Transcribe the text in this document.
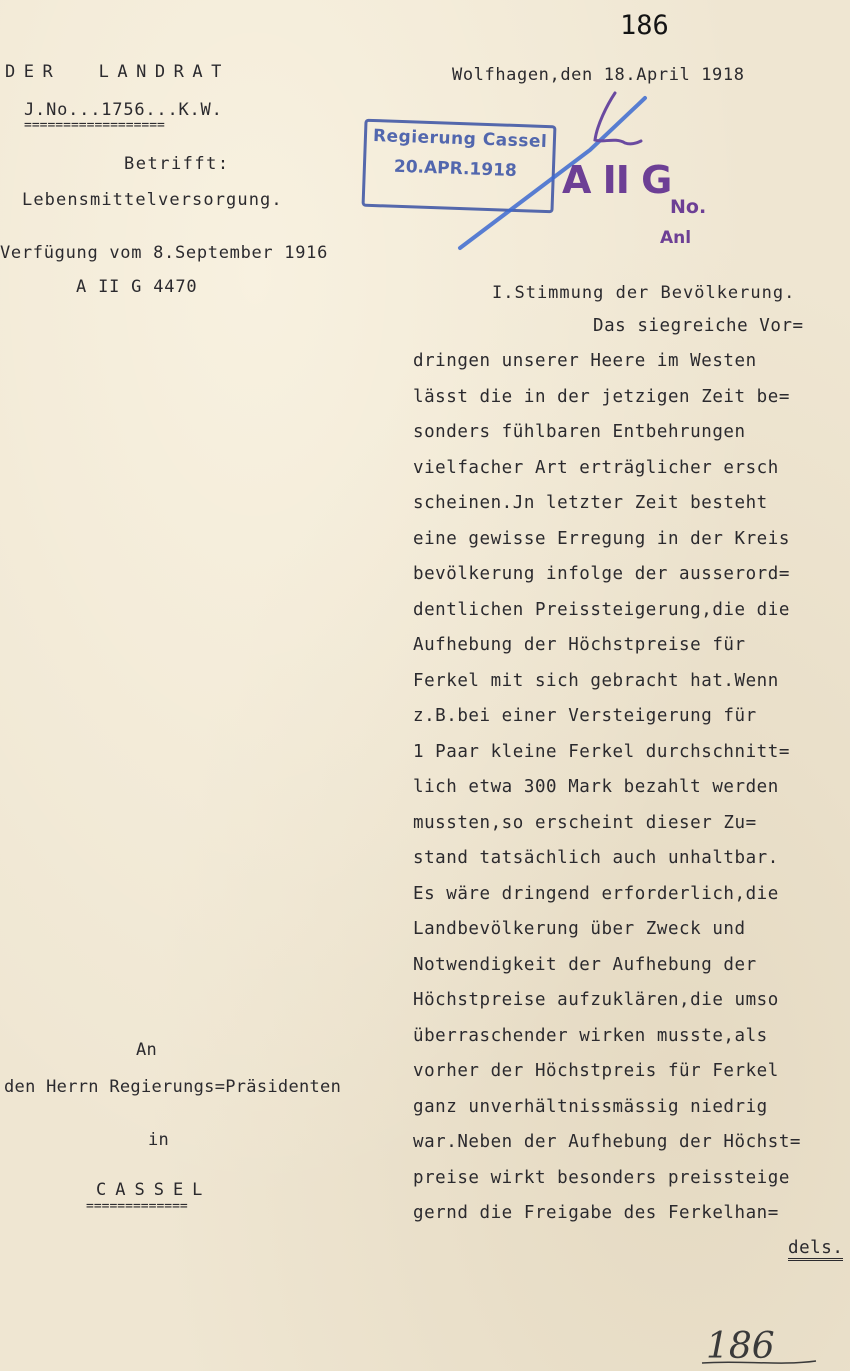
186
DER  LANDRAT
J.No...1756...K.W.
==================
Wolfhagen,den 18.April 1918
Betrifft:
Lebensmittelversorgung.
Verfügung vom 8.September 1916
A II G 4470
Regierung Cassel
20.APR.1918 A II G
No.
Anl
I.Stimmung der Bevölkerung.
Das siegreiche Vor=
dringen unserer Heere im Westen
lässt die in der jetzigen Zeit be=
sonders fühlbaren Entbehrungen
vielfacher Art erträglicher ersch
scheinen.Jn letzter Zeit besteht
eine gewisse Erregung in der Kreis
bevölkerung infolge der ausserord=
dentlichen Preissteigerung,die die
Aufhebung der Höchstpreise für
Ferkel mit sich gebracht hat.Wenn
z.B.bei einer Versteigerung für
1 Paar kleine Ferkel durchschnitt=
lich etwa 300 Mark bezahlt werden
mussten,so erscheint dieser Zu=
stand tatsächlich auch unhaltbar.
Es wäre dringend erforderlich,die
Landbevölkerung über Zweck und
Notwendigkeit der Aufhebung der
Höchstpreise aufzuklären,die umso
überraschender wirken musste,als
vorher der Höchstpreis für Ferkel
ganz unverhältnissmässig niedrig
war.Neben der Aufhebung der Höchst=
preise wirkt besonders preissteige
gernd die Freigabe des Ferkelhan=
dels.
An
den Herrn Regierungs=Präsidenten
in
CASSEL
=============
186
